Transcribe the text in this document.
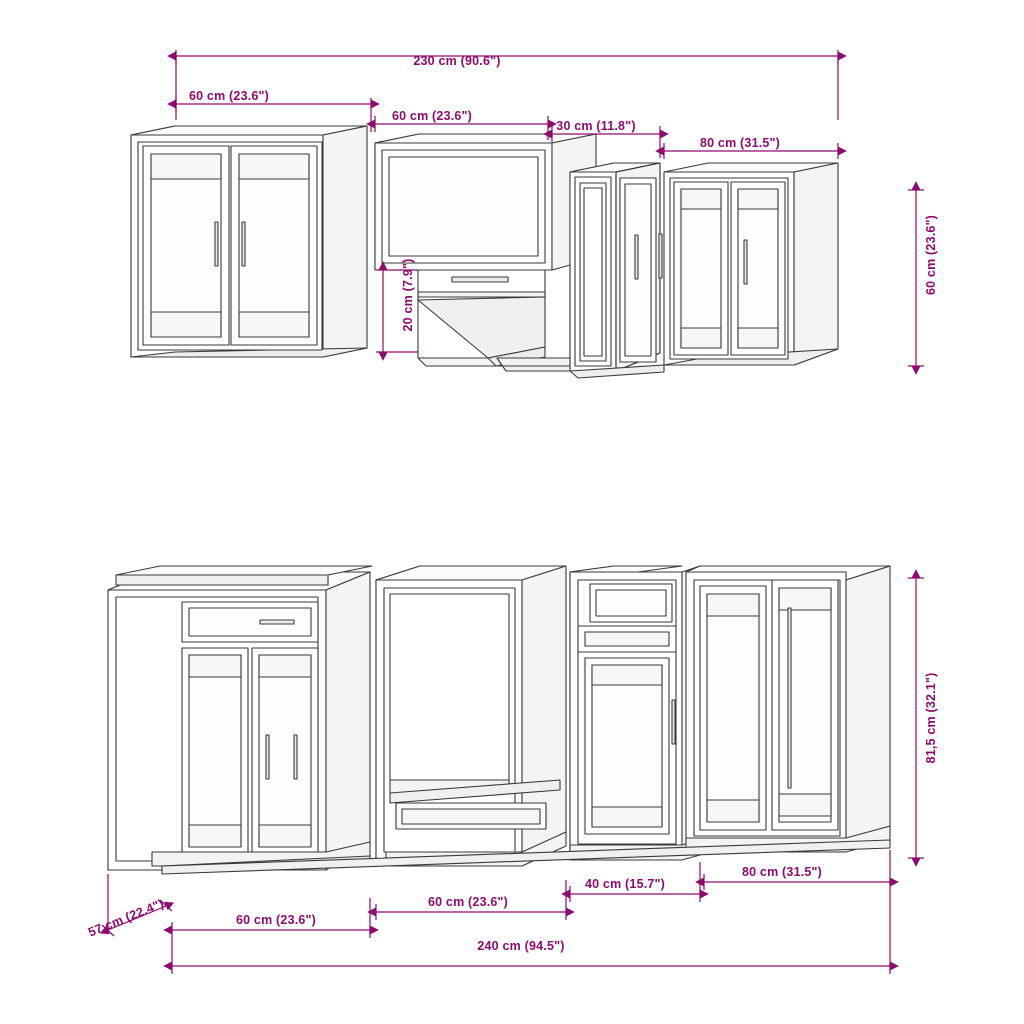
230 cm (90.6")
60 cm (23.6")
60 cm (23.6")
30 cm (11.8")
80 cm (31.5")
20 cm (7.9")	60 cm (23.6")
81,5 cm (32.1")
57 cm (22.4")	60 cm (23.6")
60 cm (23.6")
40 cm (15.7")
80 cm (31.5")
240 cm (94.5")
